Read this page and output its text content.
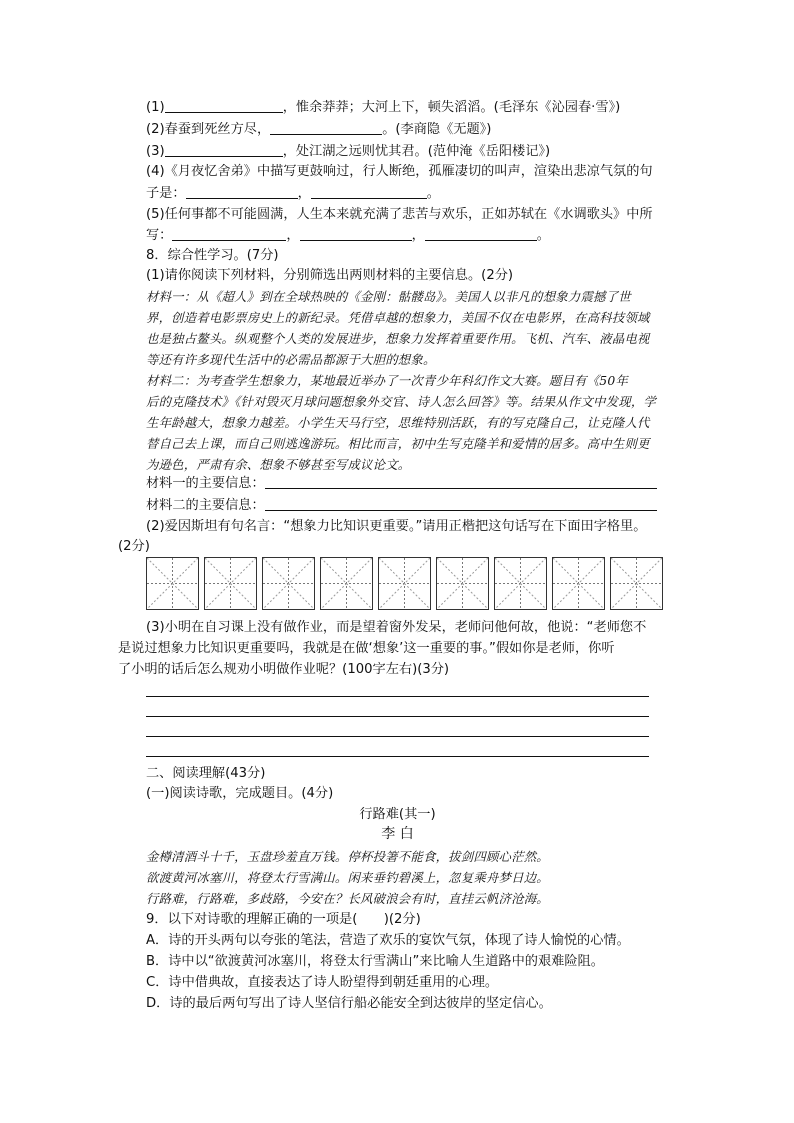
(1)	，惟余莽莽；大河上下，顿失滔滔。(毛泽东《沁园春·雪》)
(2)春蚕到死丝方尽，	。(李商隐《无题》)
(3)	，处江湖之远则忧其君。(范仲淹《岳阳楼记》)
(4)《月夜忆舍弟》中描写更鼓响过，行人断绝，孤雁凄切的叫声，渲染出悲凉气氛的句
子是：	，	。
(5)任何事都不可能圆满，人生本来就充满了悲苦与欢乐，正如苏轼在《水调歌头》中所
写：	，	，	。
8．综合性学习。(7分)
(1)请你阅读下列材料，分别筛选出两则材料的主要信息。(2分)
材料一：从《超人》到在全球热映的《金刚：骷髅岛》。美国人以非凡的想象力震撼了世
界，创造着电影票房史上的新纪录。凭借卓越的想象力，美国不仅在电影界，在高科技领域
也是独占鳌头。纵观整个人类的发展进步，想象力发挥着重要作用。飞机、汽车、液晶电视
等还有许多现代生活中的必需品都源于大胆的想象。
材料二：为考查学生想象力，某地最近举办了一次青少年科幻作文大赛。题目有《50年
后的克隆技术》《针对毁灭月球问题想象外交官、诗人怎么回答》等。结果从作文中发现，学
生年龄越大，想象力越差。小学生天马行空，思维特别活跃，有的写克隆自己，让克隆人代
替自己去上课，而自己则逃逸游玩。相比而言，初中生写克隆羊和爱情的居多。高中生则更
为逊色，严肃有余、想象不够甚至写成议论文。
材料一的主要信息：
材料二的主要信息：
(2)爱因斯坦有句名言：“想象力比知识更重要。”请用正楷把这句话写在下面田字格里。
(2分)
(3)小明在自习课上没有做作业，而是望着窗外发呆，老师问他何故，他说：“老师您不
是说过想象力比知识更重要吗，我就是在做‘想象’这一重要的事。”假如你是老师，你听
了小明的话后怎么规劝小明做作业呢？(100字左右)(3分)
二、阅读理解(43分)
(一)阅读诗歌，完成题目。(4分)
行路难(其一)
李 白
金樽清酒斗十千，玉盘珍羞直万钱。停杯投箸不能食，拔剑四顾心茫然。
欲渡黄河冰塞川，将登太行雪满山。闲来垂钓碧溪上，忽复乘舟梦日边。
行路难，行路难，多歧路，今安在？长风破浪会有时，直挂云帆济沧海。
9．以下对诗歌的理解正确的一项是(　　)(2分)
A．诗的开头两句以夸张的笔法，营造了欢乐的宴饮气氛，体现了诗人愉悦的心情。
B．诗中以“欲渡黄河冰塞川，将登太行雪满山”来比喻人生道路中的艰难险阻。
C．诗中借典故，直接表达了诗人盼望得到朝廷重用的心理。
D．诗的最后两句写出了诗人坚信行船必能安全到达彼岸的坚定信心。
